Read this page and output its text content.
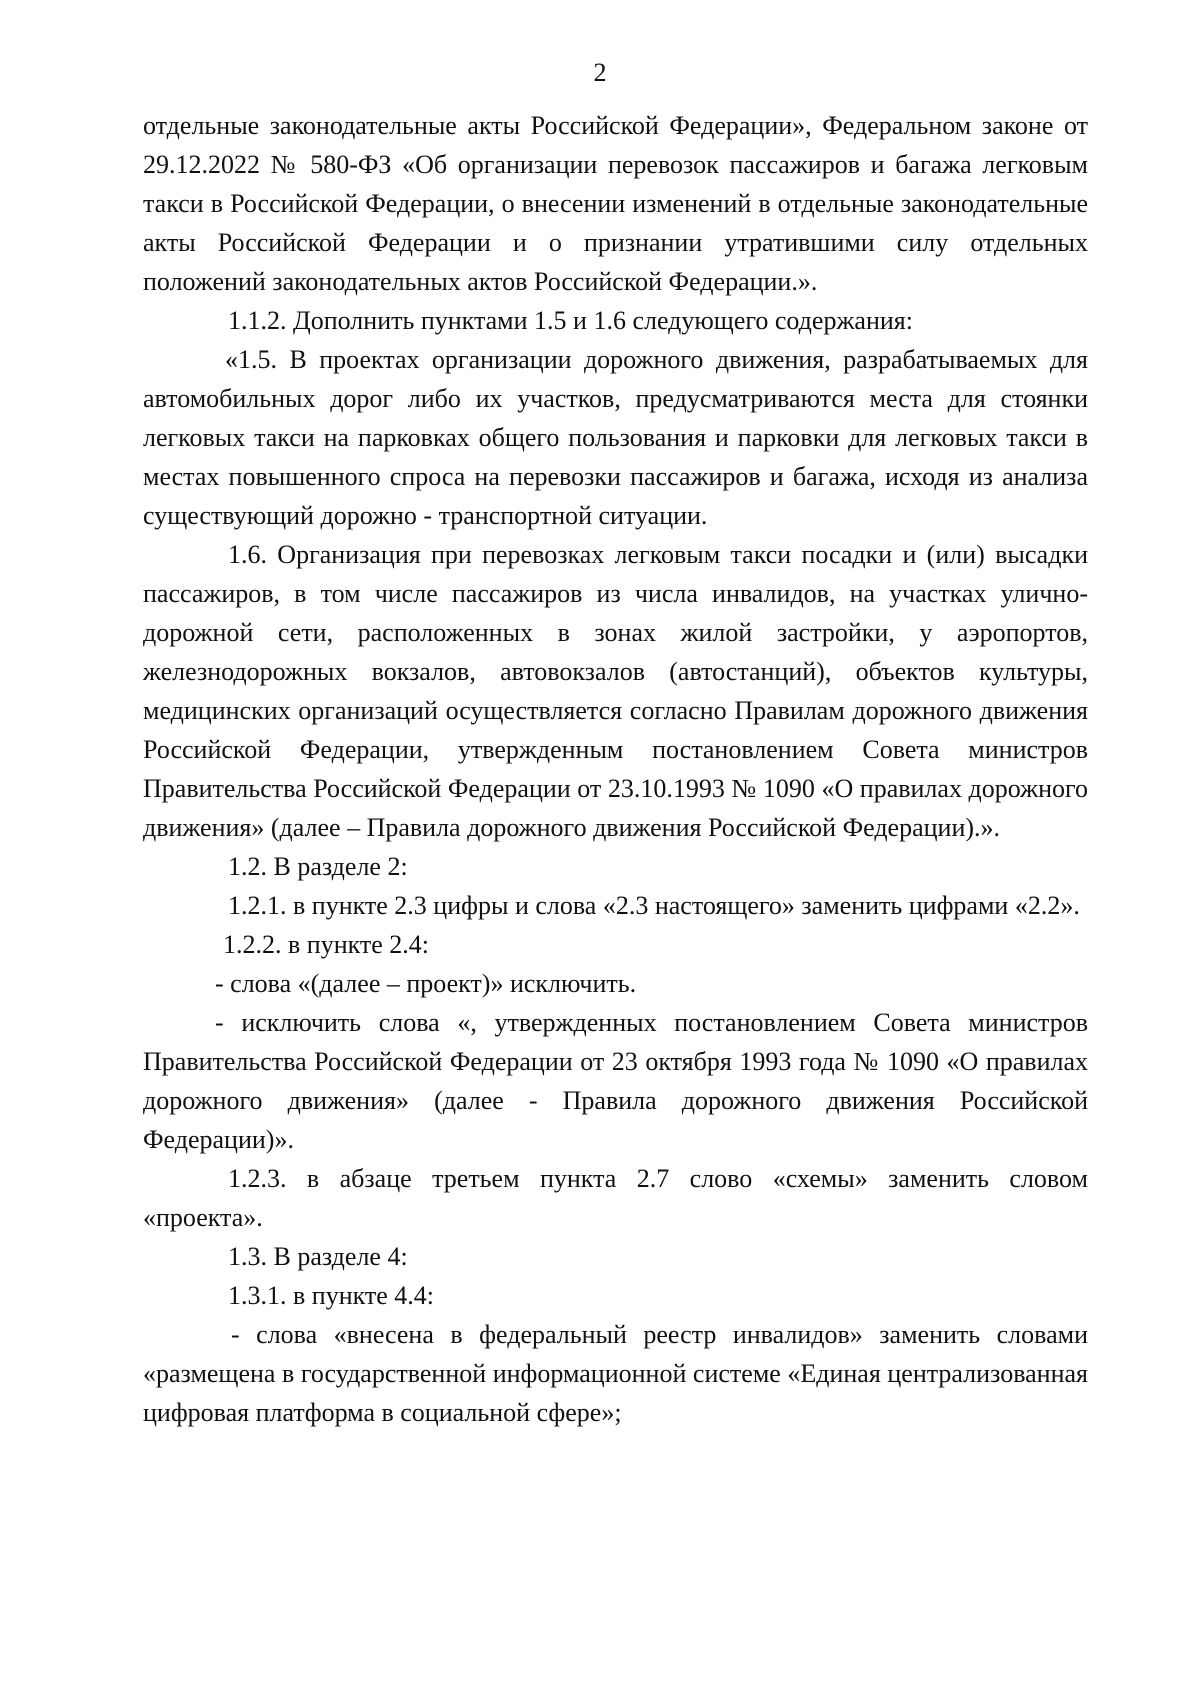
2

отдельные законодательные акты Российской Федерации», Федеральном законе от 29.12.2022 № 580-ФЗ «Об организации перевозок пассажиров и багажа легковым такси в Российской Федерации, о внесении изменений в отдельные законодательные акты Российской Федерации и о признании утратившими силу отдельных положений законодательных актов Российской Федерации.».

1.1.2. Дополнить пунктами 1.5 и 1.6 следующего содержания:

«1.5. В проектах организации дорожного движения, разрабатываемых для автомобильных дорог либо их участков, предусматриваются места для стоянки легковых такси на парковках общего пользования и парковки для легковых такси в местах повышенного спроса на перевозки пассажиров и багажа, исходя из анализа существующий дорожно - транспортной ситуации.

1.6. Организация при перевозках легковым такси посадки и (или) высадки пассажиров, в том числе пассажиров из числа инвалидов, на участках улично-дорожной сети, расположенных в зонах жилой застройки, у аэропортов, железнодорожных вокзалов, автовокзалов (автостанций), объектов культуры, медицинских организаций осуществляется согласно Правилам дорожного движения Российской Федерации, утвержденным постановлением Совета министров Правительства Российской Федерации от 23.10.1993 № 1090 «О правилах дорожного движения» (далее – Правила дорожного движения Российской Федерации).».

1.2. В разделе 2:

1.2.1. в пункте 2.3 цифры и слова «2.3 настоящего» заменить цифрами «2.2».

1.2.2. в пункте 2.4:

- слова «(далее – проект)» исключить.

- исключить слова «, утвержденных постановлением Совета министров Правительства Российской Федерации от 23 октября 1993 года № 1090 «О правилах дорожного движения» (далее - Правила дорожного движения Российской Федерации)».

1.2.3. в абзаце третьем пункта 2.7 слово «схемы» заменить словом «проекта».

1.3. В разделе 4:

1.3.1. в пункте 4.4:

- слова «внесена в федеральный реестр инвалидов» заменить словами «размещена в государственной информационной системе «Единая централизованная цифровая платформа в социальной сфере»;
